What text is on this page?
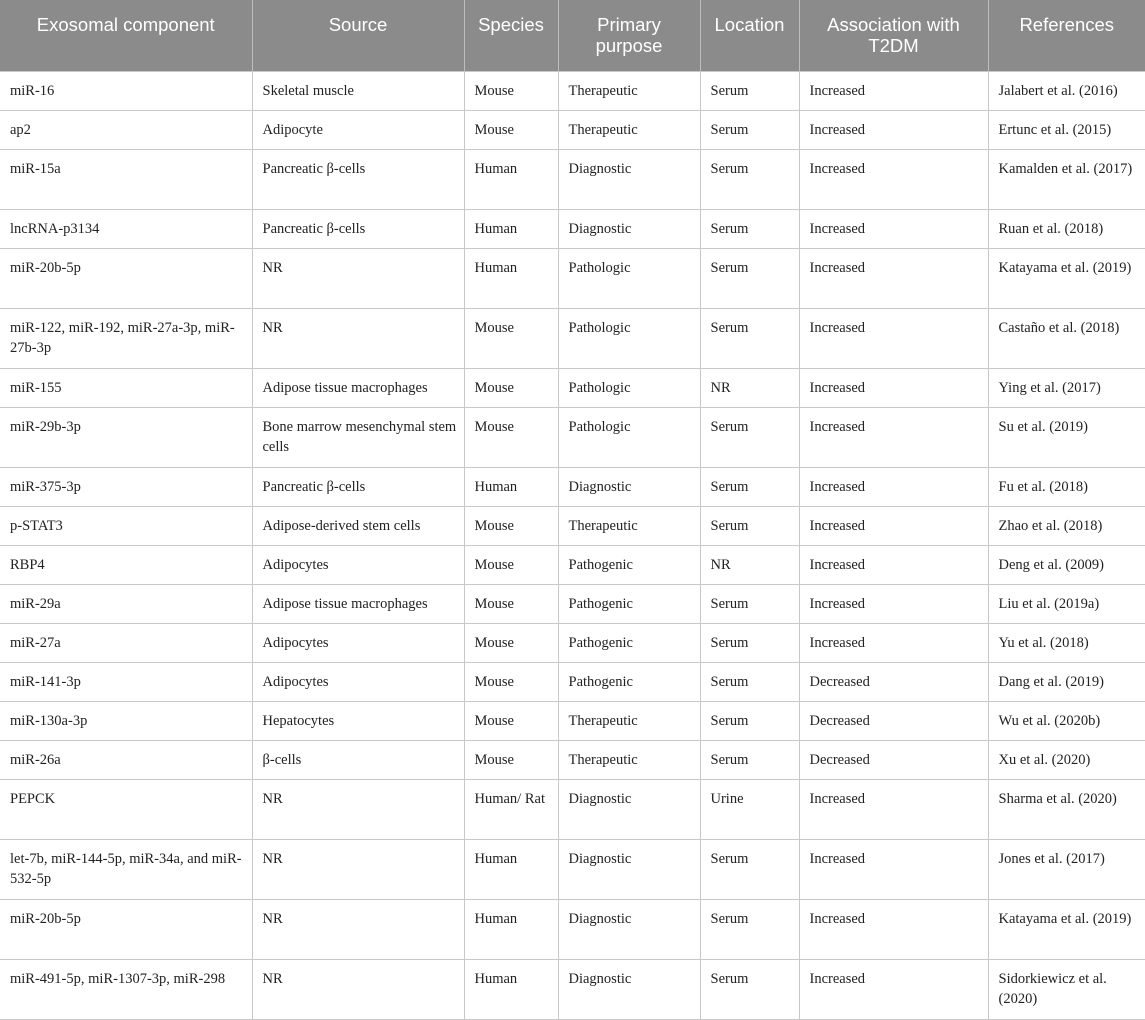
Exosomal component	Source	Species	Primary purpose	Location	Association with T2DM	References
miR-16	Skeletal muscle	Mouse	Therapeutic	Serum	Increased	Jalabert et al. (2016)
ap2	Adipocyte	Mouse	Therapeutic	Serum	Increased	Ertunc et al. (2015)
miR-15a	Pancreatic β-cells	Human	Diagnostic	Serum	Increased	Kamalden et al. (2017)
lncRNA-p3134	Pancreatic β-cells	Human	Diagnostic	Serum	Increased	Ruan et al. (2018)
miR-20b-5p	NR	Human	Pathologic	Serum	Increased	Katayama et al. (2019)
miR-122, miR-192, miR-27a-3p, miR-27b-3p	NR	Mouse	Pathologic	Serum	Increased	Castaño et al. (2018)
miR-155	Adipose tissue macrophages	Mouse	Pathologic	NR	Increased	Ying et al. (2017)
miR-29b-3p	Bone marrow mesenchymal stem cells	Mouse	Pathologic	Serum	Increased	Su et al. (2019)
miR-375-3p	Pancreatic β-cells	Human	Diagnostic	Serum	Increased	Fu et al. (2018)
p-STAT3	Adipose-derived stem cells	Mouse	Therapeutic	Serum	Increased	Zhao et al. (2018)
RBP4	Adipocytes	Mouse	Pathogenic	NR	Increased	Deng et al. (2009)
miR-29a	Adipose tissue macrophages	Mouse	Pathogenic	Serum	Increased	Liu et al. (2019a)
miR-27a	Adipocytes	Mouse	Pathogenic	Serum	Increased	Yu et al. (2018)
miR-141-3p	Adipocytes	Mouse	Pathogenic	Serum	Decreased	Dang et al. (2019)
miR-130a-3p	Hepatocytes	Mouse	Therapeutic	Serum	Decreased	Wu et al. (2020b)
miR-26a	β-cells	Mouse	Therapeutic	Serum	Decreased	Xu et al. (2020)
PEPCK	NR	Human/ Rat	Diagnostic	Urine	Increased	Sharma et al. (2020)
let-7b, miR-144-5p, miR-34a, and miR-532-5p	NR	Human	Diagnostic	Serum	Increased	Jones et al. (2017)
miR-20b-5p	NR	Human	Diagnostic	Serum	Increased	Katayama et al. (2019)
miR-491-5p, miR-1307-3p, miR-298	NR	Human	Diagnostic	Serum	Increased	Sidorkiewicz et al. (2020)
